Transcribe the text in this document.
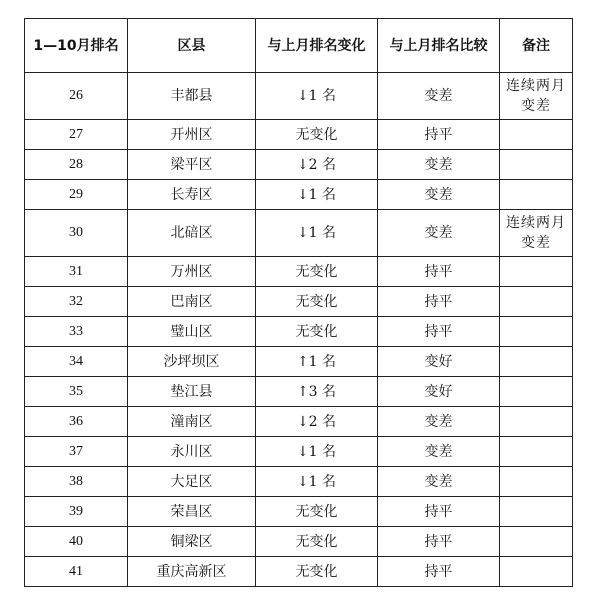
1—10月排名	区县	与上月排名变化	与上月排名比较	备注
26	丰都县	↓1 名	变差	连续两月变差
27	开州区	无变化	持平	
28	梁平区	↓2 名	变差	
29	长寿区	↓1 名	变差	
30	北碚区	↓1 名	变差	连续两月变差
31	万州区	无变化	持平	
32	巴南区	无变化	持平	
33	璧山区	无变化	持平	
34	沙坪坝区	↑1 名	变好	
35	垫江县	↑3 名	变好	
36	潼南区	↓2 名	变差	
37	永川区	↓1 名	变差	
38	大足区	↓1 名	变差	
39	荣昌区	无变化	持平	
40	铜梁区	无变化	持平	
41	重庆高新区	无变化	持平	
